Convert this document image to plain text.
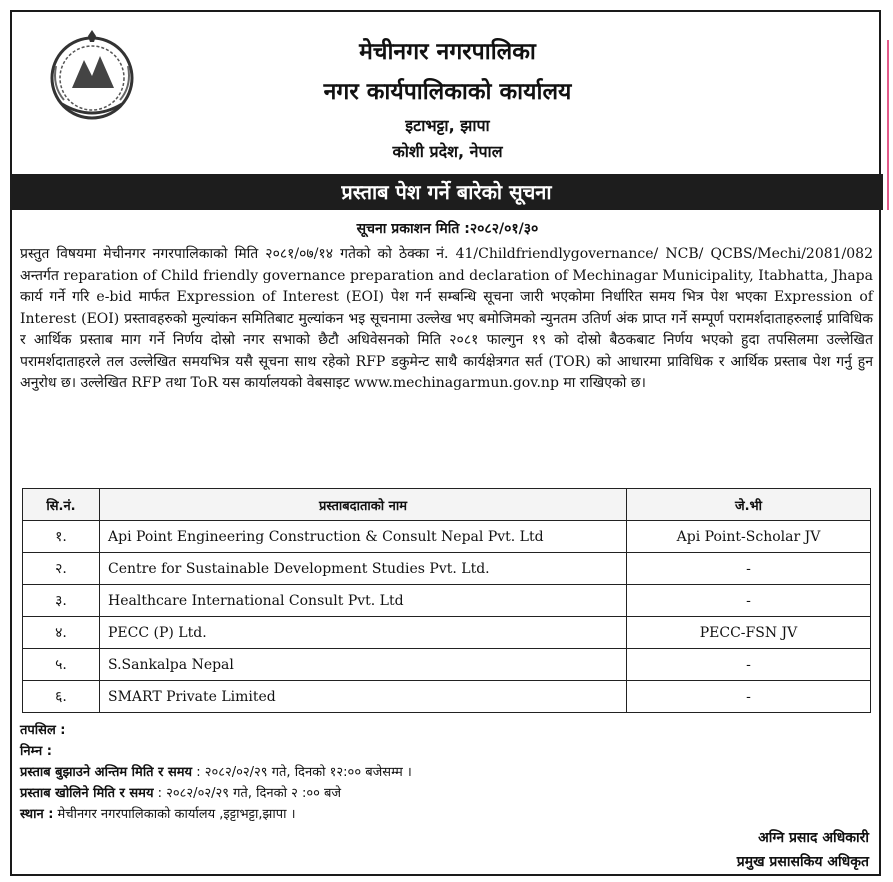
मेचीनगर नगरपालिका
नगर कार्यपालिकाको कार्यालय
इटाभट्टा, झापा
कोशी प्रदेश, नेपाल
प्रस्ताब पेश गर्ने बारेको सूचना
सूचना प्रकाशन मिति :२०८२/०१/३०
प्रस्तुत विषयमा मेचीनगर नगरपालिकाको मिति २०८१/०७/१४ गतेको को ठेक्का नं. 41/Childfriendlygovernance/ NCB/ QCBS/Mechi/2081/082 अन्तर्गत reparation of Child friendly governance preparation and declaration of Mechinagar Municipality, Itabhatta, Jhapa कार्य गर्ने गरि e-bid मार्फत Expression of Interest (EOI) पेश गर्न सम्बन्धि सूचना जारी भएकोमा निर्धारित समय भित्र पेश भएका Expression of Interest (EOI) प्रस्तावहरुको मुल्यांकन समितिबाट मुल्यांकन भइ सूचनामा उल्लेख भए बमोजिमको न्युनतम उतिर्ण अंक प्राप्त गर्ने सम्पूर्ण परामर्शदाताहरुलाई प्राविधिक र आर्थिक प्रस्ताब माग गर्ने निर्णय दोस्रो नगर सभाको छैटौ अधिवेसनको मिति २०८१ फाल्गुन १९ को दोस्रो बैठकबाट निर्णय भएको हुदा तपसिलमा उल्लेखित परामर्शदाताहरले तल उल्लेखित समयभित्र यसै सूचना साथ रहेको RFP डकुमेन्ट साथै कार्यक्षेत्रगत सर्त (TOR) को आधारमा प्राविधिक र आर्थिक प्रस्ताब पेश गर्नु हुन अनुरोध छ। उल्लेखित RFP तथा ToR यस कार्यालयको वेबसाइट www.mechinagarmun.gov.np मा राखिएको छ।
सि.नं.	प्रस्ताबदाताको नाम	जे.भी
१.	Api Point Engineering Construction & Consult Nepal Pvt. Ltd	Api Point-Scholar JV
२.	Centre for Sustainable Development Studies Pvt. Ltd.	-
३.	Healthcare International Consult Pvt. Ltd	-
४.	PECC (P) Ltd.	PECC-FSN JV
५.	S.Sankalpa Nepal	-
६.	SMART Private Limited	-
तपसिल :
निम्न :
प्रस्ताब बुझाउने अन्तिम मिति र समय : २०८२/०२/२९ गते, दिनको १२:०० बजेसम्म ।
प्रस्ताब खोलिने मिति र समय : २०८२/०२/२९ गते, दिनको २ :०० बजे
स्थान : मेचीनगर नगरपालिकाको कार्यालय ,इट्टाभट्टा,झापा ।
अग्नि प्रसाद अधिकारी
प्रमुख प्रसासकिय अधिकृत
